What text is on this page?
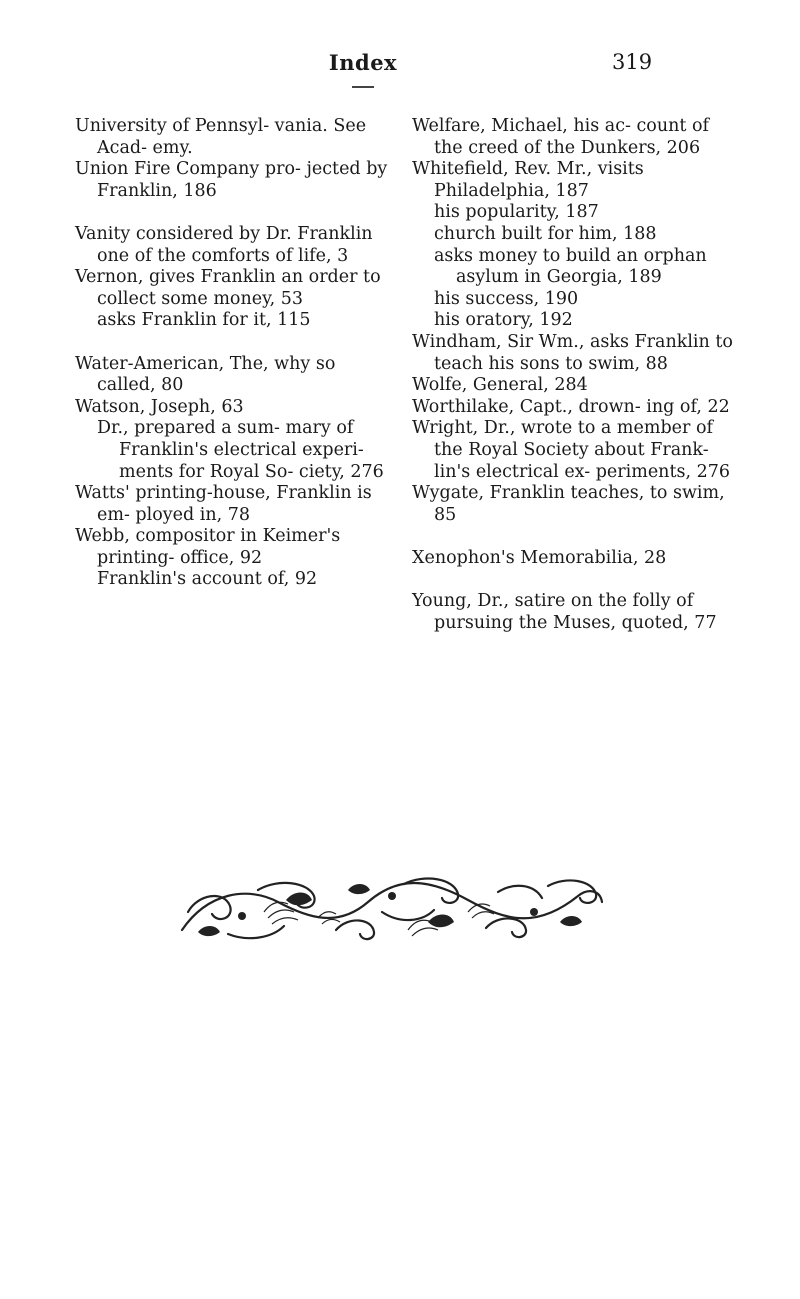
Index	319

University of Pennsyl- vania. See Acad- emy.

Union Fire Company pro- jected by Franklin, 186

Vanity considered by Dr. Franklin one of the comforts of life, 3

Vernon, gives Franklin an order to collect some money, 53

asks Franklin for it, 115

Water-American, The, why so called, 80

Watson, Joseph, 63

Dr., prepared a sum- mary of Franklin's electrical experi- ments for Royal So- ciety, 276

Watts' printing-house, Franklin is em- ployed in, 78

Webb, compositor in Keimer's printing- office, 92

Franklin's account of, 92

Welfare, Michael, his ac- count of the creed of the Dunkers, 206

Whitefield, Rev. Mr., visits Philadelphia, 187

his popularity, 187

church built for him, 188

asks money to build an orphan asylum in Georgia, 189

his success, 190

his oratory, 192

Windham, Sir Wm., asks Franklin to teach his sons to swim, 88

Wolfe, General, 284

Worthilake, Capt., drown- ing of, 22

Wright, Dr., wrote to a member of the Royal Society about Frank- lin's electrical ex- periments, 276

Wygate, Franklin teaches, to swim, 85

Xenophon's Memorabilia, 28

Young, Dr., satire on the folly of pursuing the Muses, quoted, 77
